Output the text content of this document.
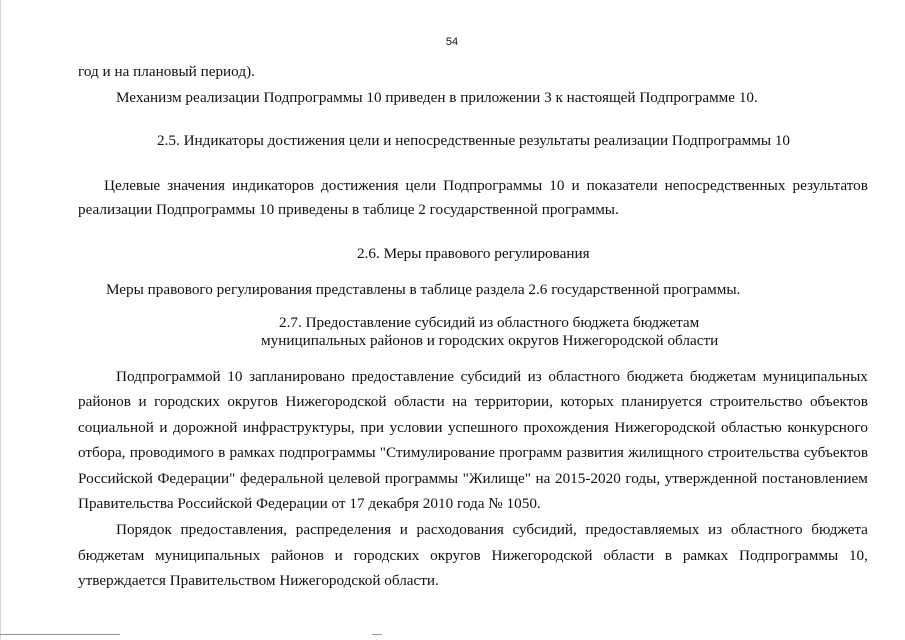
54
год и на плановый период).
Механизм реализации Подпрограммы 10 приведен в приложении 3 к настоящей Подпрограмме 10.
2.5. Индикаторы достижения цели и непосредственные результаты реализации Подпрограммы 10
Целевые значения индикаторов достижения цели Подпрограммы 10 и показатели непосредственных результатов
реализации Подпрограммы 10 приведены в таблице 2 государственной программы.
2.6. Меры правового регулирования
Меры правового регулирования представлены в таблице раздела 2.6 государственной программы.
2.7. Предоставление субсидий из областного бюджета бюджетам
муниципальных районов и городских округов Нижегородской области
Подпрограммой 10 запланировано предоставление субсидий из областного бюджета бюджетам муниципальных
районов и городских округов Нижегородской области на территории, которых планируется строительство объектов
социальной и дорожной инфраструктуры, при условии успешного прохождения Нижегородской областью конкурсного
отбора, проводимого в рамках подпрограммы "Стимулирование программ развития жилищного строительства субъектов
Российской Федерации" федеральной целевой программы "Жилище" на 2015-2020 годы, утвержденной постановлением
Правительства Российской Федерации от 17 декабря 2010 года № 1050.
Порядок предоставления, распределения и расходования субсидий, предоставляемых из областного бюджета
бюджетам муниципальных районов и городских округов Нижегородской области в рамках Подпрограммы 10,
утверждается Правительством Нижегородской области.
